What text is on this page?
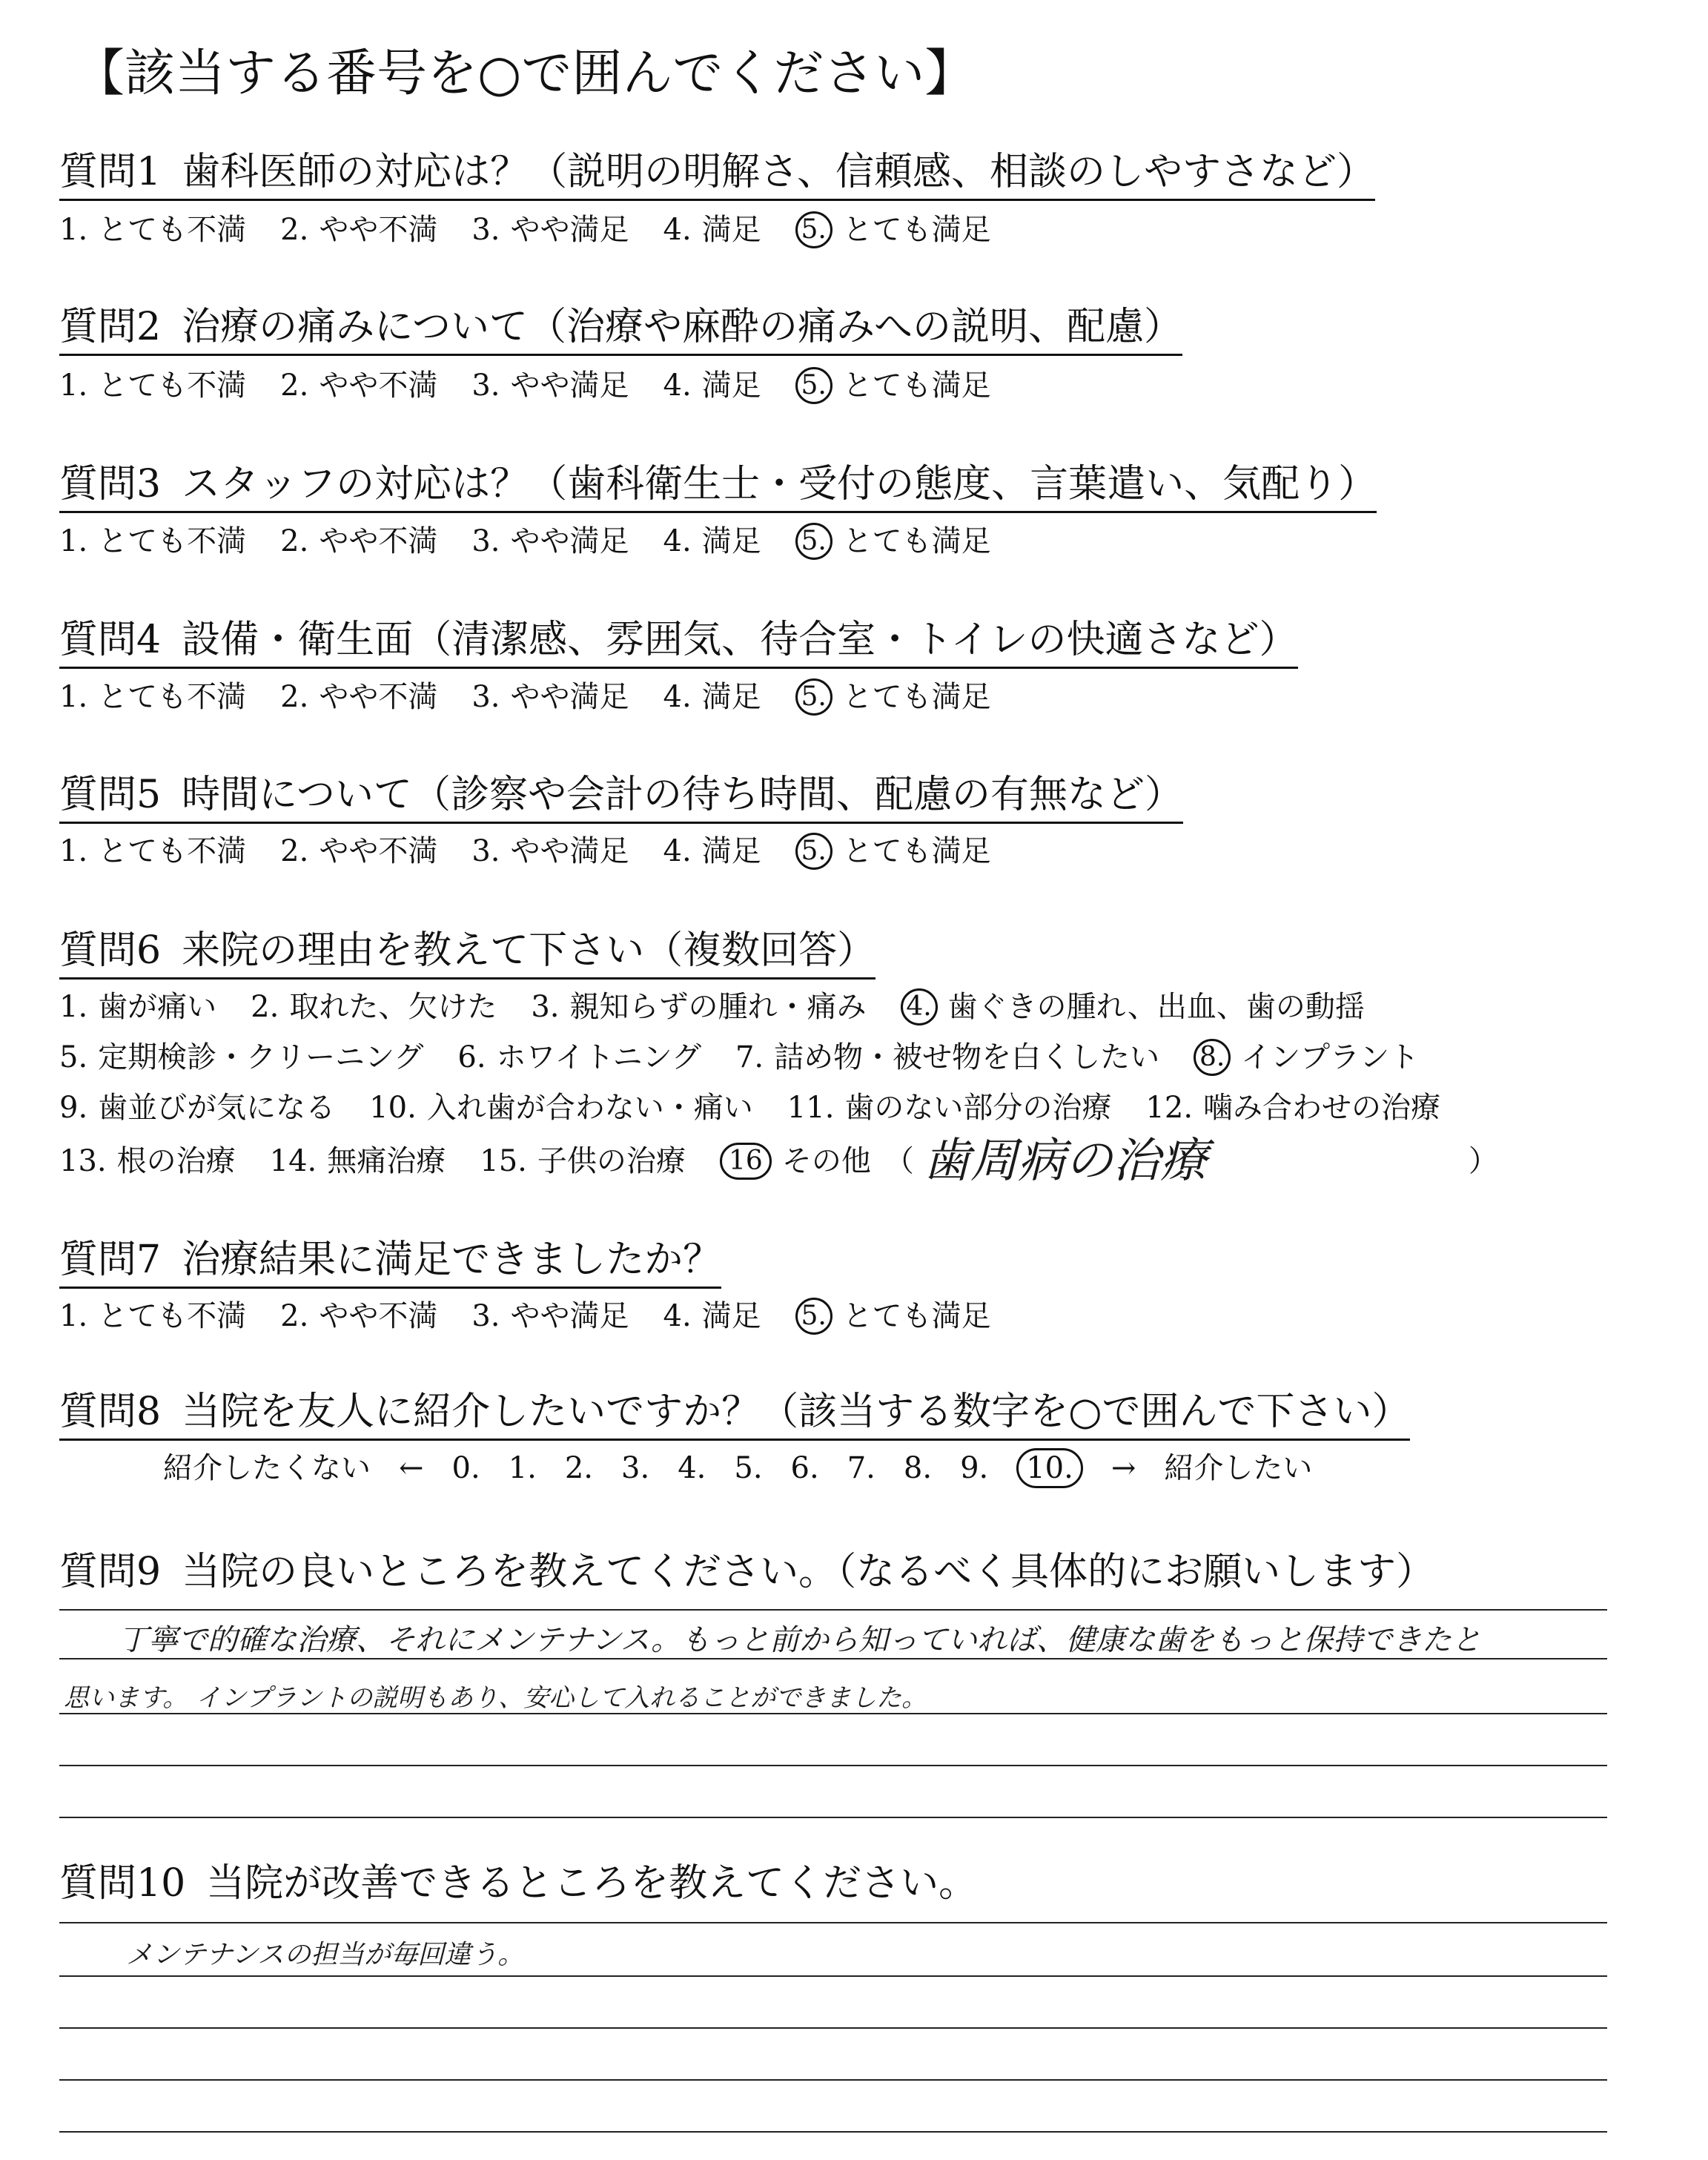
【該当する番号を○で囲んでください】
質問1 歯科医師の対応は？（説明の明解さ、信頼感、相談のしやすさなど）
1. とても不満 2. やや不満 3. やや満足 4. 満足 5. とても満足
質問2 治療の痛みについて（治療や麻酔の痛みへの説明、配慮）
1. とても不満 2. やや不満 3. やや満足 4. 満足 5. とても満足
質問3 スタッフの対応は？（歯科衛生士・受付の態度、言葉遣い、気配り）
1. とても不満 2. やや不満 3. やや満足 4. 満足 5. とても満足
質問4 設備・衛生面（清潔感、雰囲気、待合室・トイレの快適さなど）
1. とても不満 2. やや不満 3. やや満足 4. 満足 5. とても満足
質問5 時間について（診察や会計の待ち時間、配慮の有無など）
1. とても不満 2. やや不満 3. やや満足 4. 満足 5. とても満足
質問6 来院の理由を教えて下さい（複数回答）
1. 歯が痛い 2. 取れた、欠けた 3. 親知らずの腫れ・痛み 4. 歯ぐきの腫れ、出血、歯の動揺
5. 定期検診・クリーニング 6. ホワイトニング 7. 詰め物・被せ物を白くしたい 8. インプラント
9. 歯並びが気になる 10. 入れ歯が合わない・痛い 11. 歯のない部分の治療 12. 噛み合わせの治療
13. 根の治療 14. 無痛治療 15. 子供の治療	16 その他 （ 歯周病の治療	）
質問7 治療結果に満足できましたか？
1. とても不満 2. やや不満 3. やや満足 4. 満足 5. とても満足
質問8 当院を友人に紹介したいですか？（該当する数字を○で囲んで下さい）
紹介したくない ← 0. 1. 2. 3. 4. 5. 6. 7. 8. 9.	10.	→ 紹介したい
質問9 当院の良いところを教えてください。（なるべく具体的にお願いします）
丁寧で的確な治療、それにメンテナンス。もっと前から知っていれば、健康な歯をもっと保持できたと
思います。 インプラントの説明もあり、安心して入れることができました。
質問10 当院が改善できるところを教えてください。
メンテナンスの担当が毎回違う。
